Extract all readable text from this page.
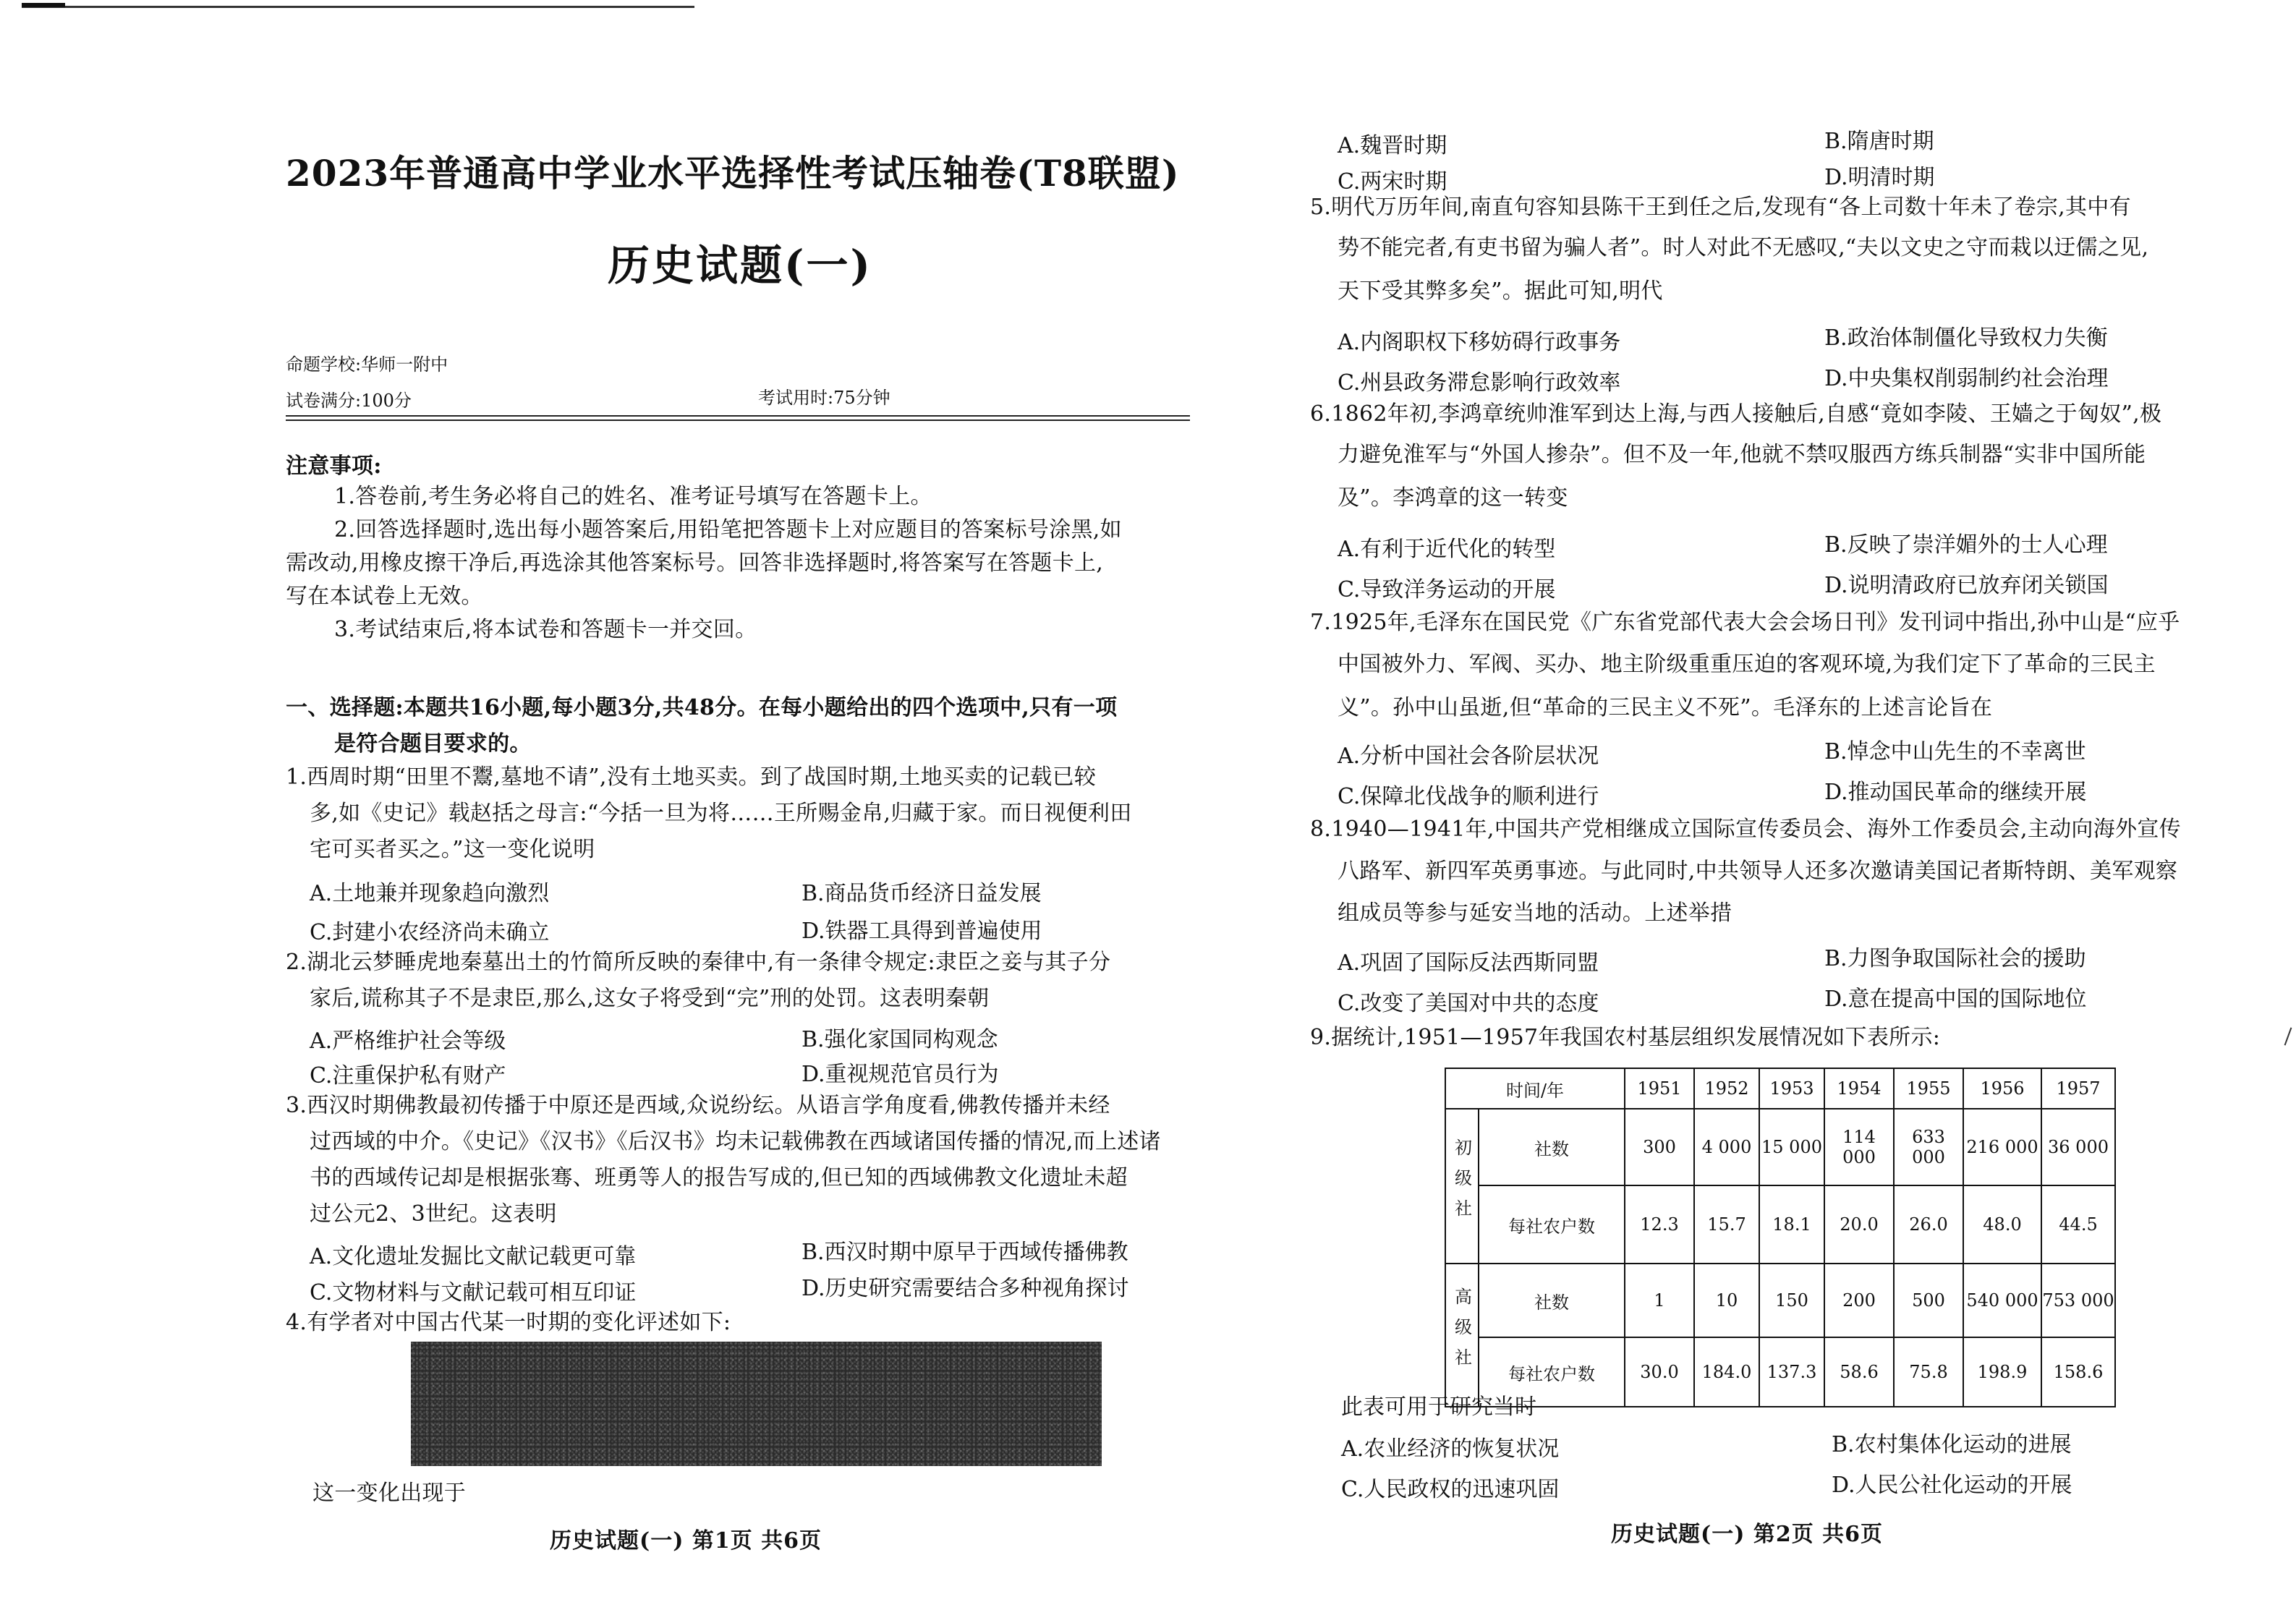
2023年普通高中学业水平选择性考试压轴卷(T8联盟)
历史试题(一)
命题学校:华师一附中
试卷满分:100分	考试用时:75分钟
注意事项:
1.答卷前,考生务必将自己的姓名、准考证号填写在答题卡上。
2.回答选择题时,选出每小题答案后,用铅笔把答题卡上对应题目的答案标号涂黑,如
需改动,用橡皮擦干净后,再选涂其他答案标号。回答非选择题时,将答案写在答题卡上,
写在本试卷上无效。
3.考试结束后,将本试卷和答题卡一并交回。
一、选择题:本题共16小题,每小题3分,共48分。在每小题给出的四个选项中,只有一项
是符合题目要求的。
1.西周时期“田里不鬻,墓地不请”,没有土地买卖。到了战国时期,土地买卖的记载已较
多,如《史记》载赵括之母言:“今括一旦为将……王所赐金帛,归藏于家。而日视便利田
宅可买者买之。”这一变化说明
A.土地兼并现象趋向激烈	B.商品货币经济日益发展
C.封建小农经济尚未确立	D.铁器工具得到普遍使用
2.湖北云梦睡虎地秦墓出土的竹简所反映的秦律中,有一条律令规定:隶臣之妾与其子分
家后,谎称其子不是隶臣,那么,这女子将受到“完”刑的处罚。这表明秦朝
A.严格维护社会等级	B.强化家国同构观念
C.注重保护私有财产	D.重视规范官员行为
3.西汉时期佛教最初传播于中原还是西域,众说纷纭。从语言学角度看,佛教传播并未经
过西域的中介。《史记》《汉书》《后汉书》均未记载佛教在西域诸国传播的情况,而上述诸
书的西域传记却是根据张骞、班勇等人的报告写成的,但已知的西域佛教文化遗址未超
过公元2、3世纪。这表明
A.文化遗址发掘比文献记载更可靠	B.西汉时期中原早于西域传播佛教
C.文物材料与文献记载可相互印证	D.历史研究需要结合多种视角探讨
4.有学者对中国古代某一时期的变化评述如下:
这一变化出现于
历史试题(一) 第1页 共6页
A.魏晋时期	B.隋唐时期
C.两宋时期	D.明清时期
5.明代万历年间,南直句容知县陈干王到任之后,发现有“各上司数十年未了卷宗,其中有
势不能完者,有吏书留为骗人者”。时人对此不无感叹,“夫以文史之守而栽以迂儒之见,
天下受其弊多矣”。据此可知,明代
A.内阁职权下移妨碍行政事务	B.政治体制僵化导致权力失衡
C.州县政务滞怠影响行政效率	D.中央集权削弱制约社会治理
6.1862年初,李鸿章统帅淮军到达上海,与西人接触后,自感“竟如李陵、王嫱之于匈奴”,极
力避免淮军与“外国人掺杂”。但不及一年,他就不禁叹服西方练兵制器“实非中国所能
及”。李鸿章的这一转变
A.有利于近代化的转型	B.反映了崇洋媚外的士人心理
C.导致洋务运动的开展	D.说明清政府已放弃闭关锁国
7.1925年,毛泽东在国民党《广东省党部代表大会会场日刊》发刊词中指出,孙中山是“应乎
中国被外力、军阀、买办、地主阶级重重压迫的客观环境,为我们定下了革命的三民主
义”。孙中山虽逝,但“革命的三民主义不死”。毛泽东的上述言论旨在
A.分析中国社会各阶层状况	B.悼念中山先生的不幸离世
C.保障北伐战争的顺利进行	D.推动国民革命的继续开展
8.1940—1941年,中国共产党相继成立国际宣传委员会、海外工作委员会,主动向海外宣传
八路军、新四军英勇事迹。与此同时,中共领导人还多次邀请美国记者斯特朗、美军观察
组成员等参与延安当地的活动。上述举措
A.巩固了国际反法西斯同盟	B.力图争取国际社会的援助
C.改变了美国对中共的态度	D.意在提高中国的国际地位
9.据统计,1951—1957年我国农村基层组织发展情况如下表所示:
此表可用于研究当时
A.农业经济的恢复状况	B.农村集体化运动的进展
C.人民政权的迅速巩固	D.人民公社化运动的开展
历史试题(一) 第2页 共6页
时间/年		1951	1952	1953	1954	1955	1956	1957
初级社	社数	300	4 000	15 000	114 000	633 000	216 000	36 000
	每社农户数	12.3	15.7	18.1	20.0	26.0	48.0	44.5
高级社	社数	1	10	150	200	500	540 000	753 000
	每社农户数	30.0	184.0	137.3	58.6	75.8	198.9	158.6
